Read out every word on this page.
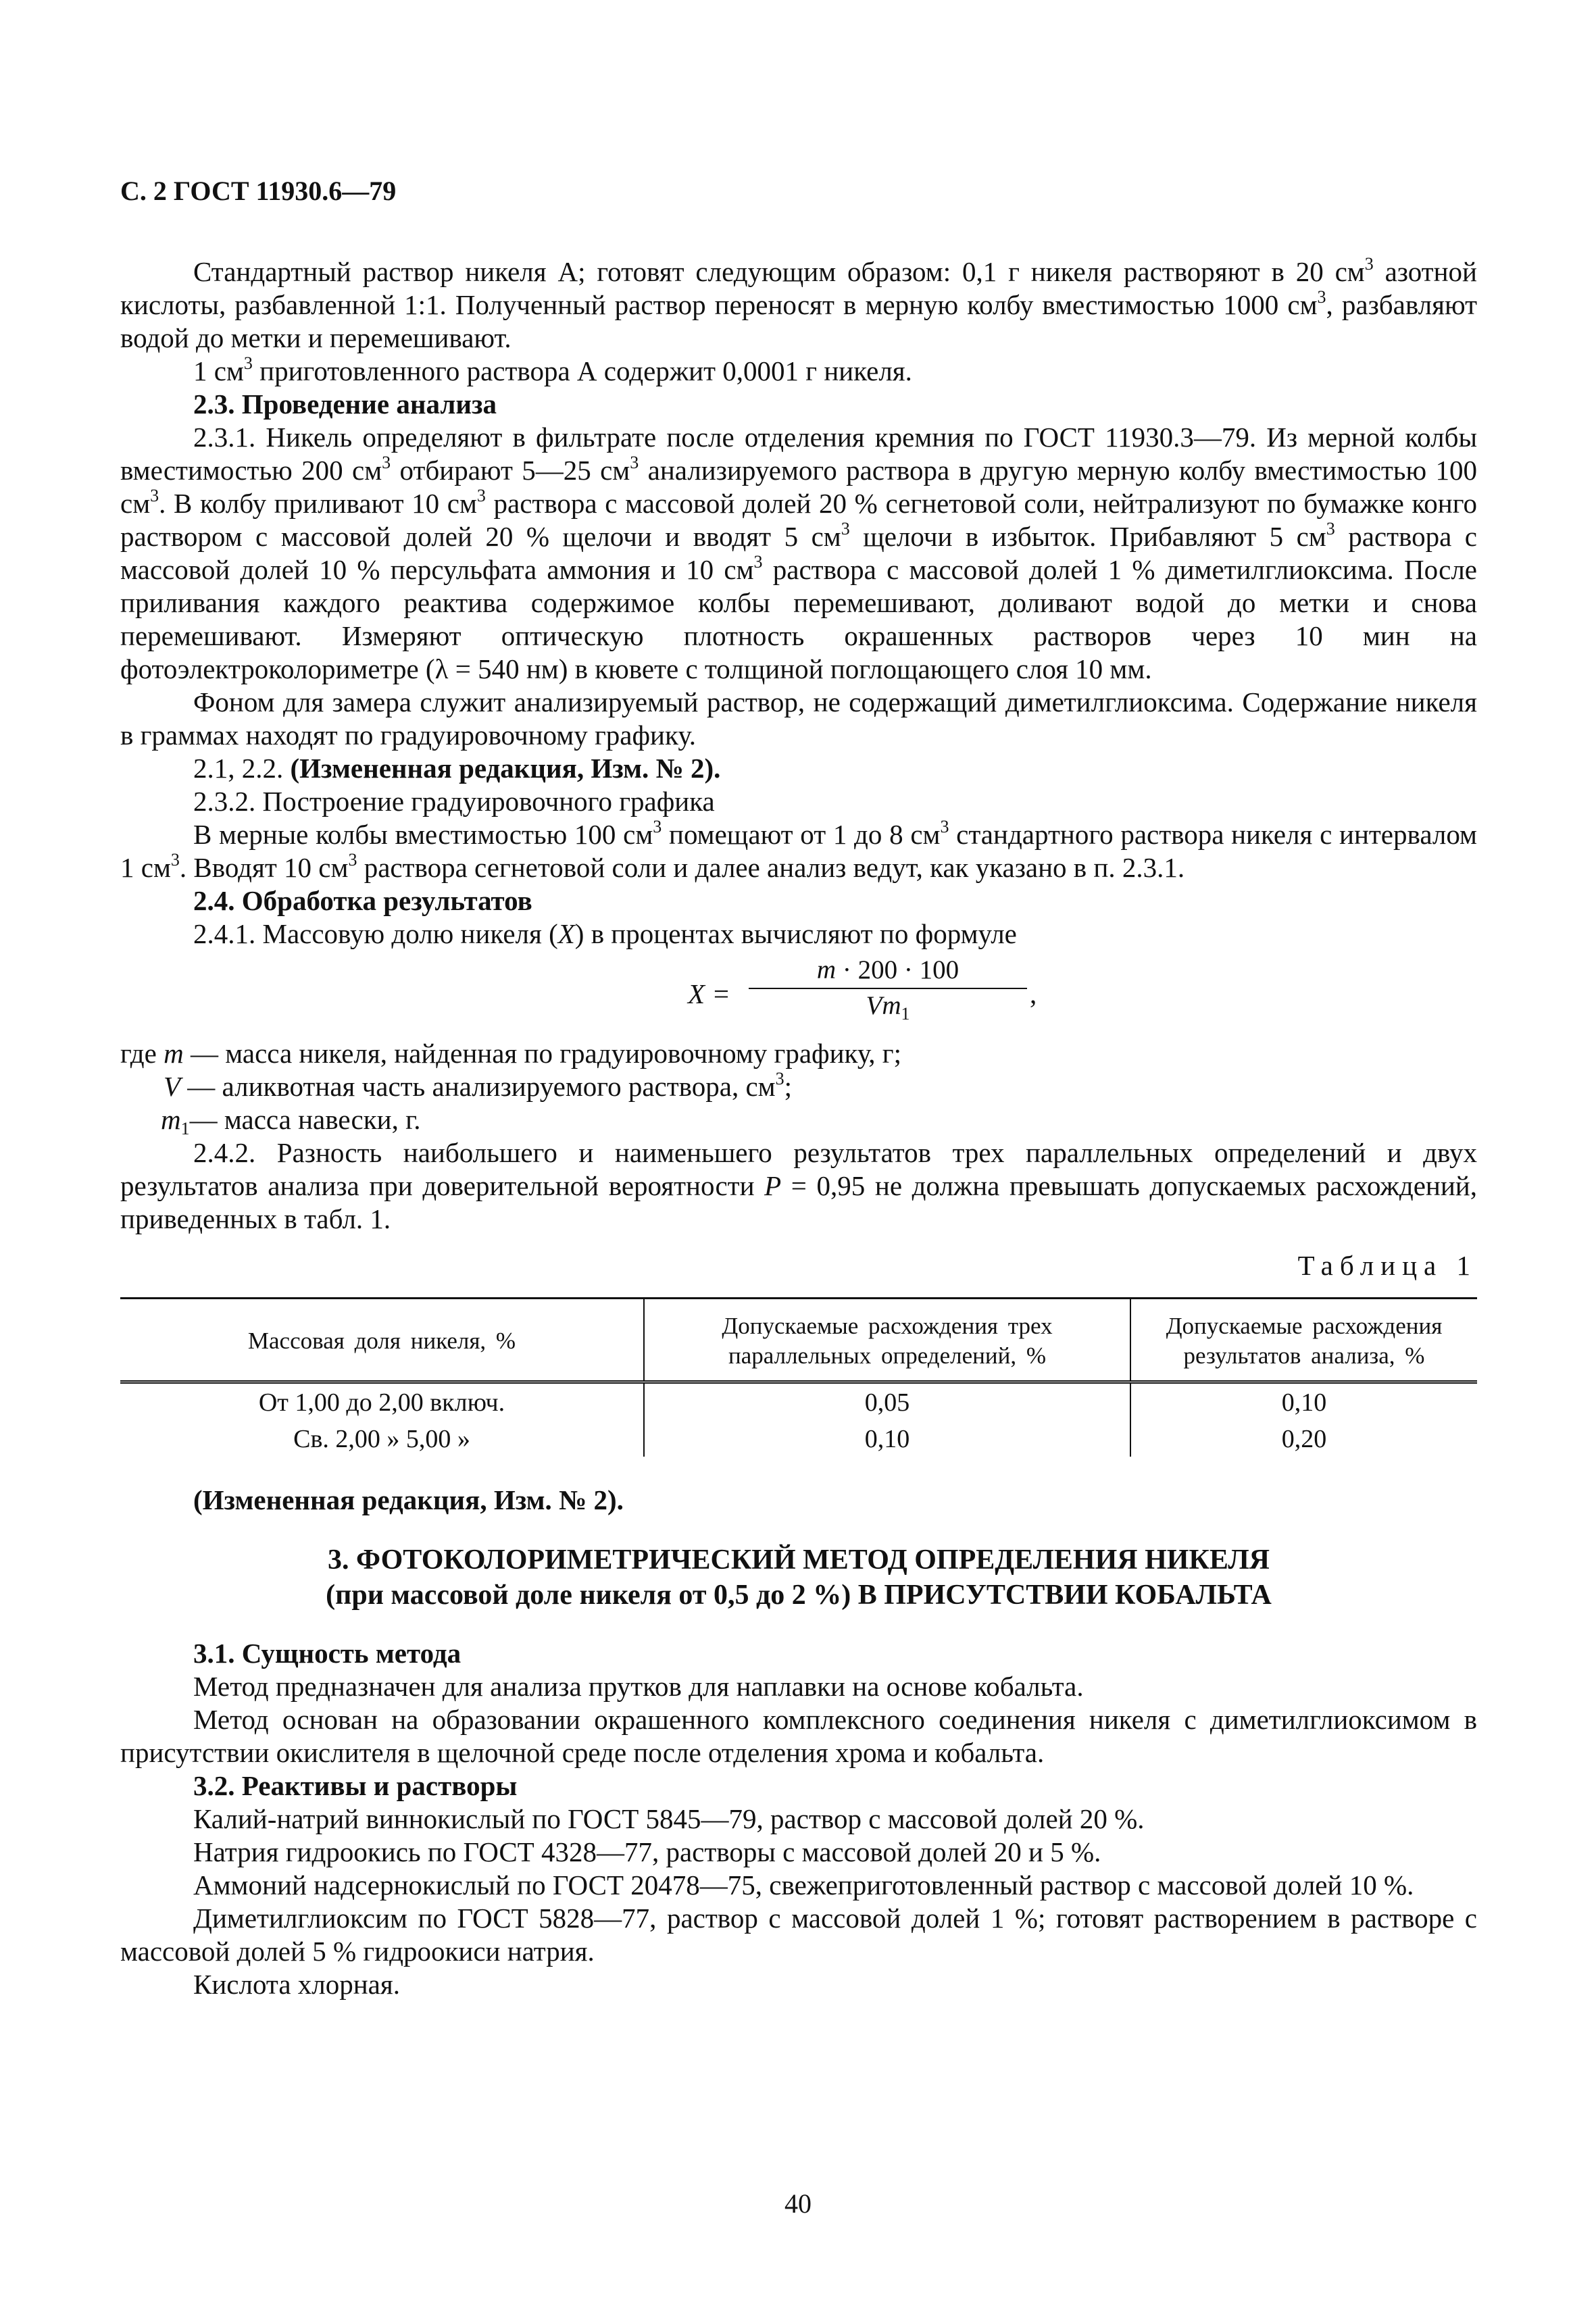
С. 2 ГОСТ 11930.6—79

Стандартный раствор никеля А; готовят следующим образом: 0,1 г никеля растворяют в 20 $см^3$ азотной кислоты, разбавленной 1:1. Полученный раствор переносят в мерную колбу вместимостью 1000 $см^3$, разбавляют водой до метки и перемешивают.

1 $см^3$ приготовленного раствора А содержит 0,0001 г никеля.

2.3. Проведение анализа

2.3.1. Никель определяют в фильтрате после отделения кремния по ГОСТ 11930.3—79. Из мерной колбы вместимостью 200 $см^3$ отбирают 5—25 $см^3$ анализируемого раствора в другую мерную колбу вместимостью 100 $см^3$. В колбу приливают 10 $см^3$ раствора с массовой долей 20 % сегнетовой соли, нейтрализуют по бумажке конго раствором с массовой долей 20 % щелочи и вводят 5 $см^3$ щелочи в избыток. Прибавляют 5 $см^3$ раствора с массовой долей 10 % персульфата аммония и 10 $см^3$ раствора с массовой долей 1 % диметилглиоксима. После приливания каждого реактива содержимое колбы перемешивают, доливают водой до метки и снова перемешивают. Измеряют оптическую плотность окрашенных растворов через 10 мин на фотоэлектроколориметре (λ = 540 нм) в кювете с толщиной поглощающего слоя 10 мм.

Фоном для замера служит анализируемый раствор, не содержащий диметилглиоксима. Содержание никеля в граммах находят по градуировочному графику.

2.1, 2.2. (Измененная редакция, Изм. № 2).

2.3.2. Построение градуировочного графика

В мерные колбы вместимостью 100 $см^3$ помещают от 1 до 8 $см^3$ стандартного раствора никеля с интервалом 1 $см^3$. Вводят 10 $см^3$ раствора сегнетовой соли и далее анализ ведут, как указано в п. 2.3.1.

2.4. Обработка результатов

2.4.1. Массовую долю никеля (X) в процентах вычисляют по формуле

$X = \frac{m \cdot 200 \cdot 100}{Vm_1}$ ,
где m — масса никеля, найденная по градуировочному графику, г;
V — аликвотная часть анализируемого раствора, $см^3$;
$m_1—$ масса навески, г.

2.4.2. Разность наибольшего и наименьшего результатов трех параллельных определений и двух результатов анализа при доверительной вероятности P = 0,95 не должна превышать допускаемых расхождений, приведенных в табл. 1.

Таблица 1
Массовая доля никеля, %	Допускаемые расхождения трех параллельных определений, %	Допускаемые расхождения результатов анализа, %
От 1,00 до 2,00 включ.	0,05	0,10
Св. 2,00 » 5,00 »	0,10	0,20

(Измененная редакция, Изм. № 2).

3. ФОТОКОЛОРИМЕТРИЧЕСКИЙ МЕТОД ОПРЕДЕЛЕНИЯ НИКЕЛЯ
(при массовой доле никеля от 0,5 до 2 %) В ПРИСУТСТВИИ КОБАЛЬТА

3.1. Сущность метода

Метод предназначен для анализа прутков для наплавки на основе кобальта.

Метод основан на образовании окрашенного комплексного соединения никеля с диметилглиоксимом в присутствии окислителя в щелочной среде после отделения хрома и кобальта.

3.2. Реактивы и растворы

Калий-натрий виннокислый по ГОСТ 5845—79, раствор с массовой долей 20 %.

Натрия гидроокись по ГОСТ 4328—77, растворы с массовой долей 20 и 5 %.

Аммоний надсернокислый по ГОСТ 20478—75, свежеприготовленный раствор с массовой долей 10 %.

Диметилглиоксим по ГОСТ 5828—77, раствор с массовой долей 1 %; готовят растворением в растворе с массовой долей 5 % гидроокиси натрия.

Кислота хлорная.

40
